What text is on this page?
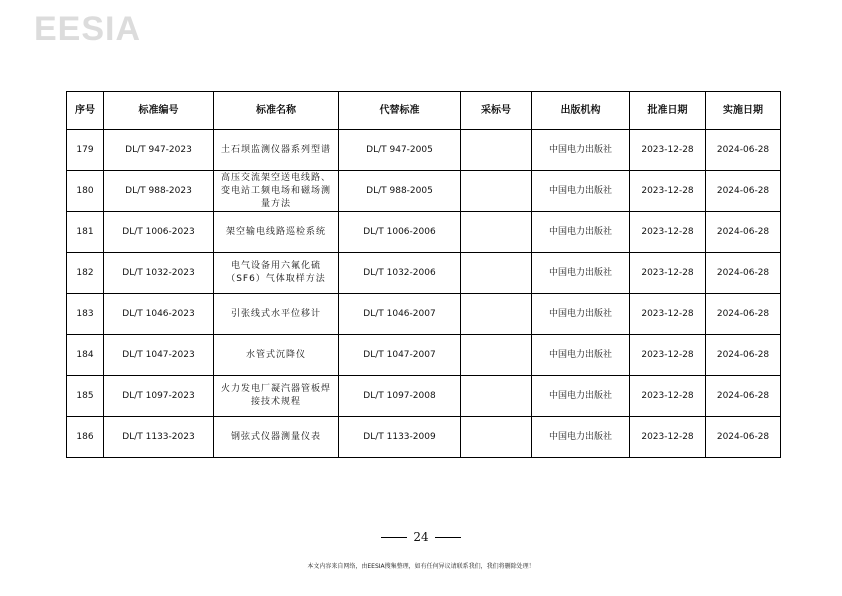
EESIA
序号	标准编号	标准名称	代替标准	采标号	出版机构	批准日期	实施日期
179	DL/T 947-2023	土石坝监测仪器系列型谱	DL/T 947-2005		中国电力出版社	2023-12-28	2024-06-28
180	DL/T 988-2023	高压交流架空送电线路、变电站工频电场和磁场测量方法	DL/T 988-2005		中国电力出版社	2023-12-28	2024-06-28
181	DL/T 1006-2023	架空输电线路巡检系统	DL/T 1006-2006		中国电力出版社	2023-12-28	2024-06-28
182	DL/T 1032-2023	电气设备用六氟化硫（SF6）气体取样方法	DL/T 1032-2006		中国电力出版社	2023-12-28	2024-06-28
183	DL/T 1046-2023	引张线式水平位移计	DL/T 1046-2007		中国电力出版社	2023-12-28	2024-06-28
184	DL/T 1047-2023	水管式沉降仪	DL/T 1047-2007		中国电力出版社	2023-12-28	2024-06-28
185	DL/T 1097-2023	火力发电厂凝汽器管板焊接技术规程	DL/T 1097-2008		中国电力出版社	2023-12-28	2024-06-28
186	DL/T 1133-2023	钢弦式仪器测量仪表	DL/T 1133-2009		中国电力出版社	2023-12-28	2024-06-28
24
本文内容来自网络，由EESIA搜集整理，如有任何异议请联系我们，我们将删除处理！
